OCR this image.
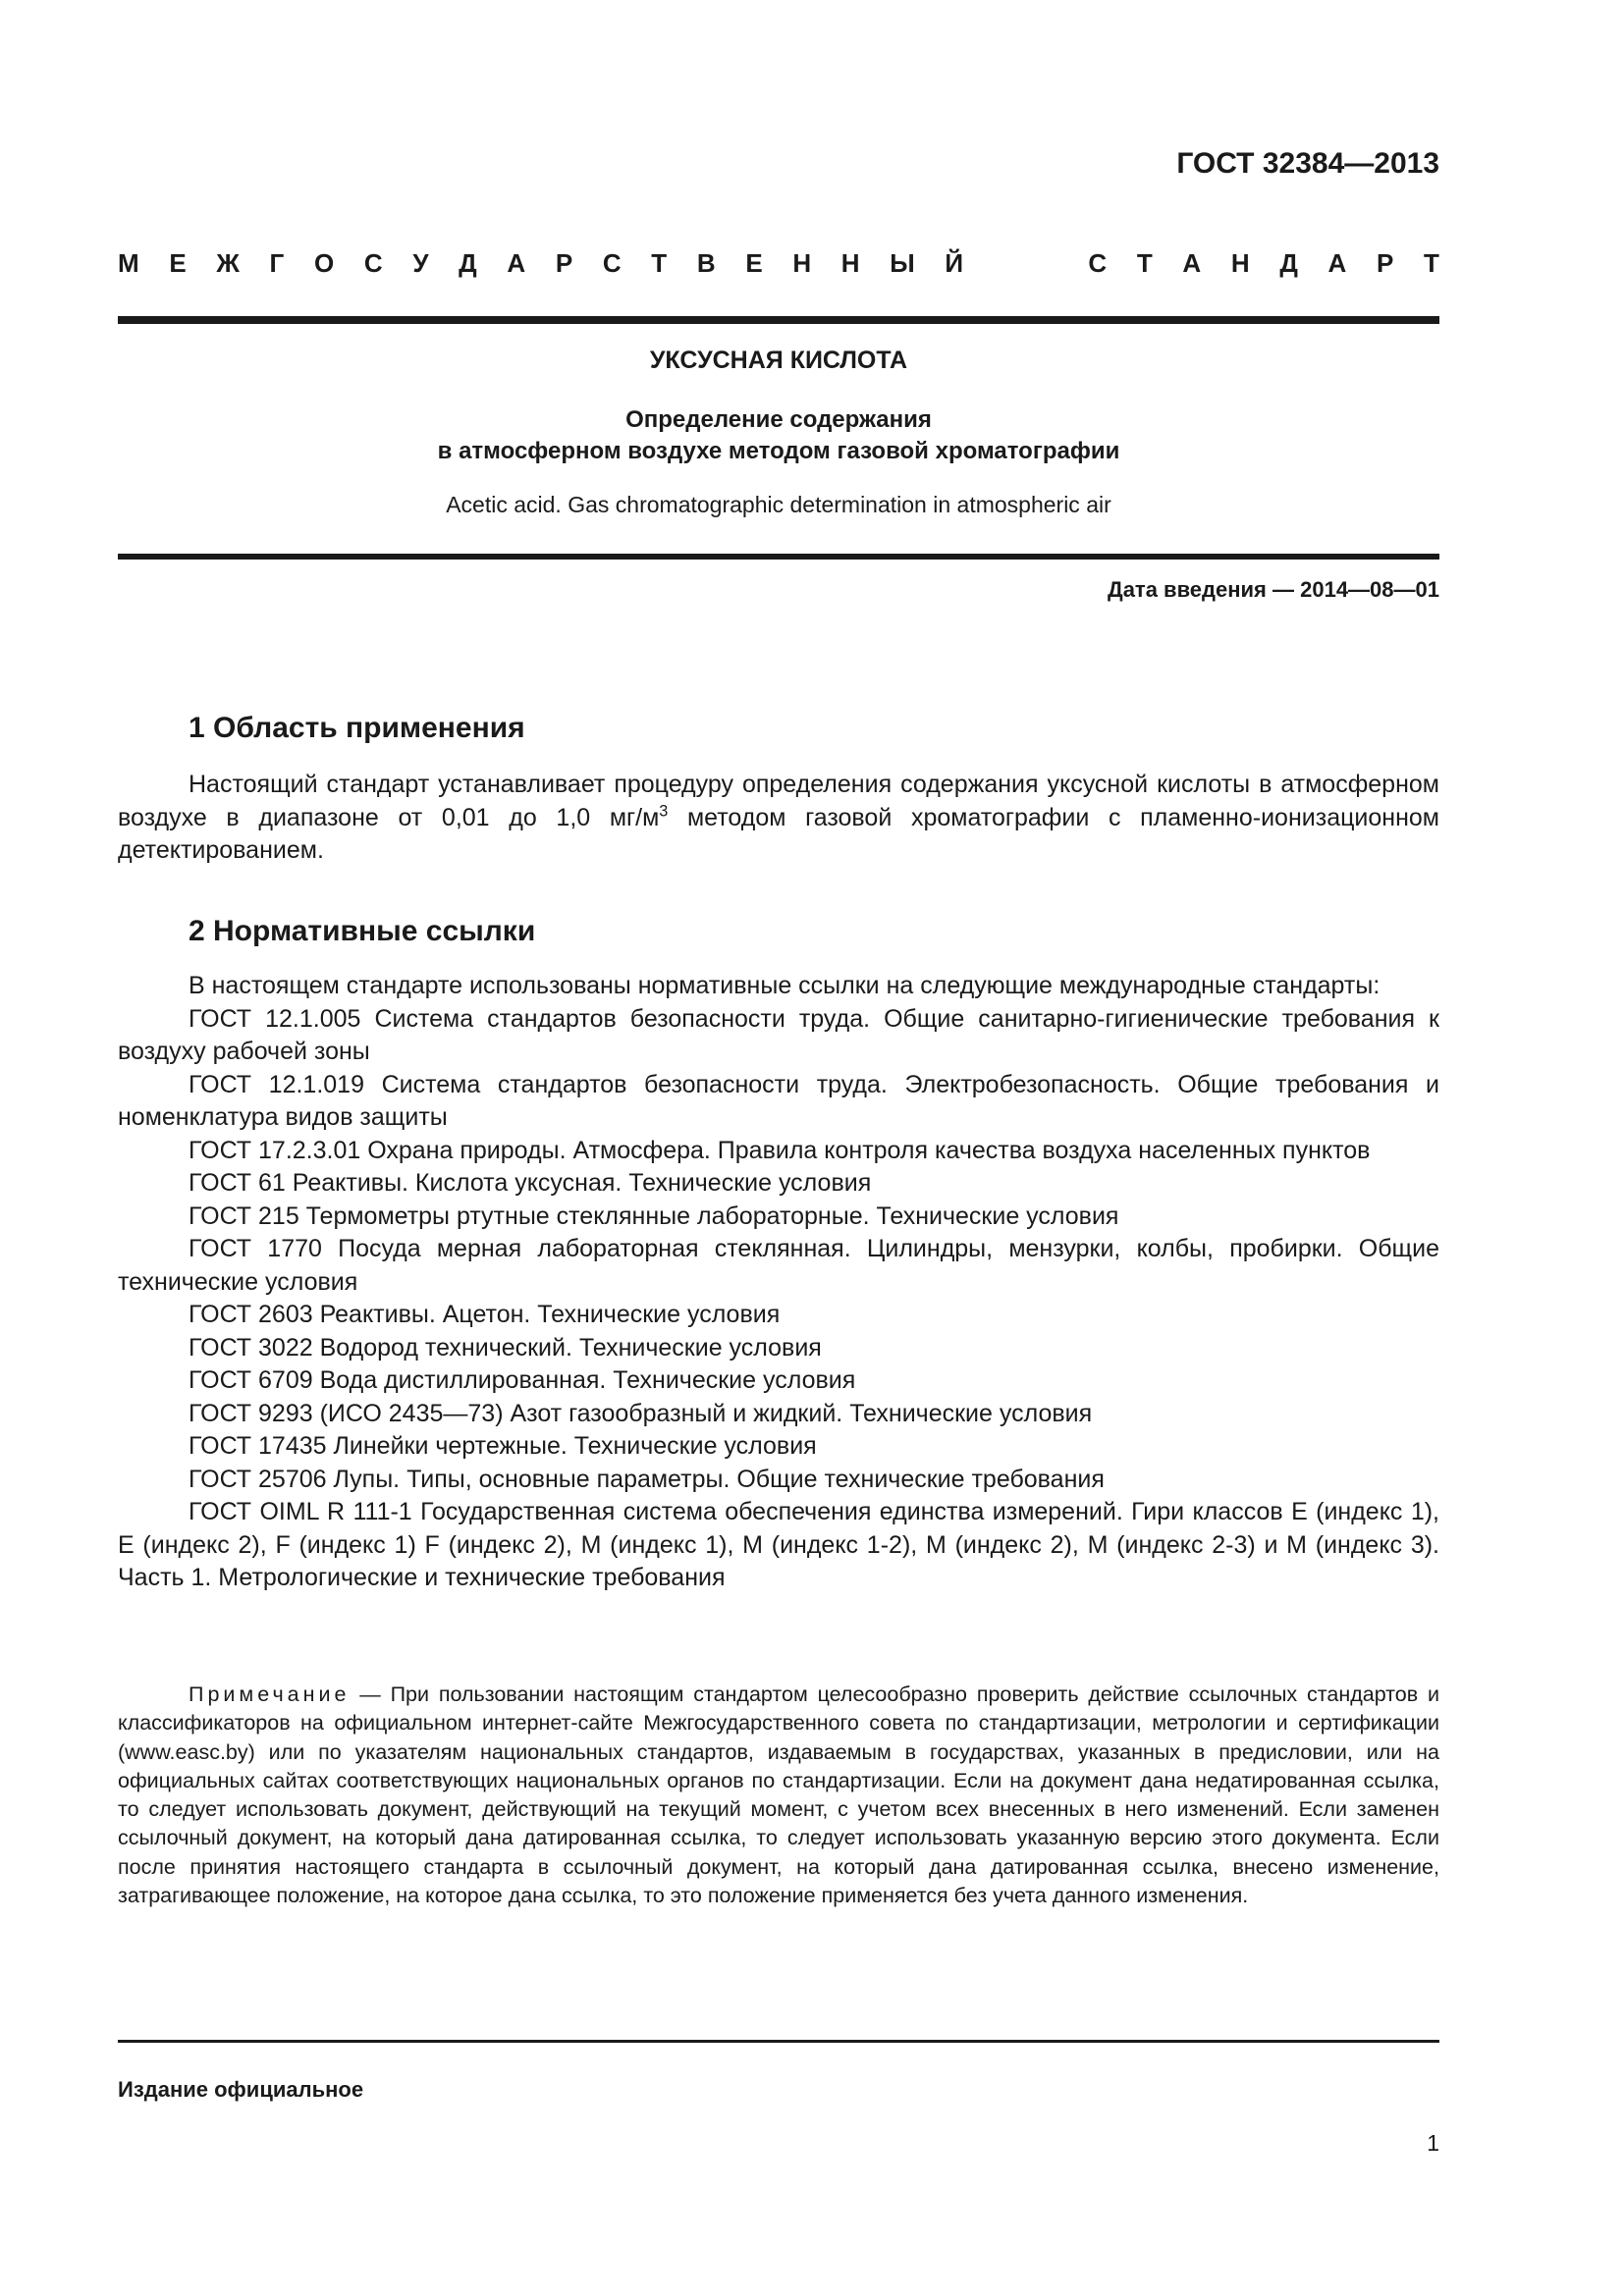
ГОСТ 32384—2013
М Е Ж Г О С У Д А Р С Т В Е Н Н Ы Й	С Т А Н Д А Р Т
УКСУСНАЯ КИСЛОТА
Определение содержания
в атмосферном воздухе методом газовой хроматографии
Acetic acid. Gas chromatographic determination in atmospheric air
Дата введения — 2014—08—01
1 Область применения

Настоящий стандарт устанавливает процедуру определения содержания уксусной кислоты в атмосферном воздухе в диапазоне от 0,01 до 1,0 $мг/м^3$ методом газовой хроматографии с пламенно-ионизационном детектированием.

2 Нормативные ссылки

В настоящем стандарте использованы нормативные ссылки на следующие международные стандарты:

ГОСТ 12.1.005 Система стандартов безопасности труда. Общие санитарно-гигиенические требования к воздуху рабочей зоны

ГОСТ 12.1.019 Система стандартов безопасности труда. Электробезопасность. Общие требования и номенклатура видов защиты

ГОСТ 17.2.3.01 Охрана природы. Атмосфера. Правила контроля качества воздуха населенных пунктов

ГОСТ 61 Реактивы. Кислота уксусная. Технические условия

ГОСТ 215 Термометры ртутные стеклянные лабораторные. Технические условия

ГОСТ 1770 Посуда мерная лабораторная стеклянная. Цилиндры, мензурки, колбы, пробирки. Общие технические условия

ГОСТ 2603 Реактивы. Ацетон. Технические условия

ГОСТ 3022 Водород технический. Технические условия

ГОСТ 6709 Вода дистиллированная. Технические условия

ГОСТ 9293 (ИСО 2435—73) Азот газообразный и жидкий. Технические условия

ГОСТ 17435 Линейки чертежные. Технические условия

ГОСТ 25706 Лупы. Типы, основные параметры. Общие технические требования

ГОСТ OIML R 111-1 Государственная система обеспечения единства измерений. Гири классов Е (индекс 1), Е (индекс 2), F (индекс 1) F (индекс 2), М (индекс 1), М (индекс 1-2), М (индекс 2), М (индекс 2-3) и М (индекс 3). Часть 1. Метрологические и технические требования

Примечание — При пользовании настоящим стандартом целесообразно проверить действие ссылочных стандартов и классификаторов на официальном интернет-сайте Межгосударственного совета по стандартизации, метрологии и сертификации (www.easc.by) или по указателям национальных стандартов, издаваемым в государствах, указанных в предисловии, или на официальных сайтах соответствующих национальных органов по стандартизации. Если на документ дана недатированная ссылка, то следует использовать документ, действующий на текущий момент, с учетом всех внесенных в него изменений. Если заменен ссылочный документ, на который дана датированная ссылка, то следует использовать указанную версию этого документа. Если после принятия настоящего стандарта в ссылочный документ, на который дана датированная ссылка, внесено изменение, затрагивающее положение, на которое дана ссылка, то это положение применяется без учета данного изменения.
Издание официальное
1
